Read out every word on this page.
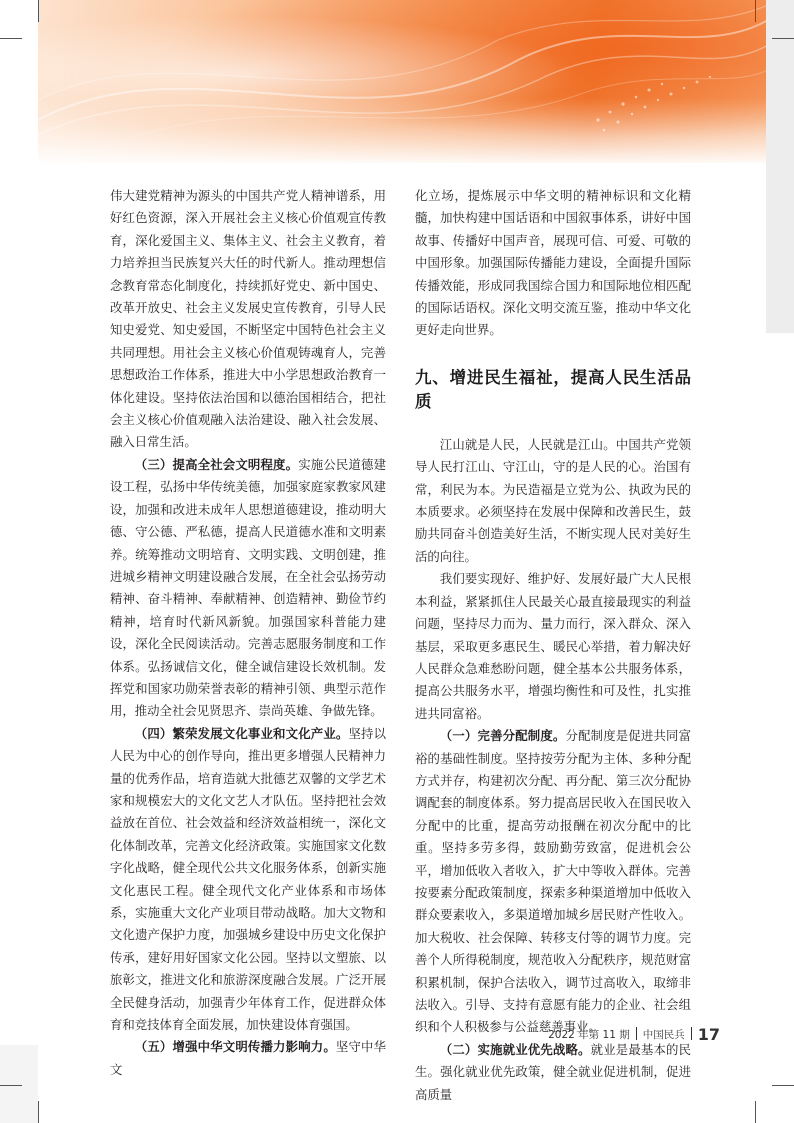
伟大建党精神为源头的中国共产党人精神谱系，用好红色资源，深入开展社会主义核心价值观宣传教育，深化爱国主义、集体主义、社会主义教育，着力培养担当民族复兴大任的时代新人。推动理想信念教育常态化制度化，持续抓好党史、新中国史、改革开放史、社会主义发展史宣传教育，引导人民知史爱党、知史爱国，不断坚定中国特色社会主义共同理想。用社会主义核心价值观铸魂育人，完善思想政治工作体系，推进大中小学思想政治教育一体化建设。坚持依法治国和以德治国相结合，把社会主义核心价值观融入法治建设、融入社会发展、融入日常生活。

（三）提高全社会文明程度。实施公民道德建设工程，弘扬中华传统美德，加强家庭家教家风建设，加强和改进未成年人思想道德建设，推动明大德、守公德、严私德，提高人民道德水准和文明素养。统筹推动文明培育、文明实践、文明创建，推进城乡精神文明建设融合发展，在全社会弘扬劳动精神、奋斗精神、奉献精神、创造精神、勤俭节约精神，培育时代新风新貌。加强国家科普能力建设，深化全民阅读活动。完善志愿服务制度和工作体系。弘扬诚信文化，健全诚信建设长效机制。发挥党和国家功勋荣誉表彰的精神引领、典型示范作用，推动全社会见贤思齐、崇尚英雄、争做先锋。

（四）繁荣发展文化事业和文化产业。坚持以人民为中心的创作导向，推出更多增强人民精神力量的优秀作品，培育造就大批德艺双馨的文学艺术家和规模宏大的文化文艺人才队伍。坚持把社会效益放在首位、社会效益和经济效益相统一，深化文化体制改革，完善文化经济政策。实施国家文化数字化战略，健全现代公共文化服务体系，创新实施文化惠民工程。健全现代文化产业体系和市场体系，实施重大文化产业项目带动战略。加大文物和文化遗产保护力度，加强城乡建设中历史文化保护传承，建好用好国家文化公园。坚持以文塑旅、以旅彰文，推进文化和旅游深度融合发展。广泛开展全民健身活动，加强青少年体育工作，促进群众体育和竞技体育全面发展，加快建设体育强国。

（五）增强中华文明传播力影响力。坚守中华文

化立场，提炼展示中华文明的精神标识和文化精髓，加快构建中国话语和中国叙事体系，讲好中国故事、传播好中国声音，展现可信、可爱、可敬的中国形象。加强国际传播能力建设，全面提升国际传播效能，形成同我国综合国力和国际地位相匹配的国际话语权。深化文明交流互鉴，推动中华文化更好走向世界。

九、增进民生福祉，提高人民生活品质

江山就是人民，人民就是江山。中国共产党领导人民打江山、守江山，守的是人民的心。治国有常，利民为本。为民造福是立党为公、执政为民的本质要求。必须坚持在发展中保障和改善民生，鼓励共同奋斗创造美好生活，不断实现人民对美好生活的向往。

我们要实现好、维护好、发展好最广大人民根本利益，紧紧抓住人民最关心最直接最现实的利益问题，坚持尽力而为、量力而行，深入群众、深入基层，采取更多惠民生、暖民心举措，着力解决好人民群众急难愁盼问题，健全基本公共服务体系，提高公共服务水平，增强均衡性和可及性，扎实推进共同富裕。

（一）完善分配制度。分配制度是促进共同富裕的基础性制度。坚持按劳分配为主体、多种分配方式并存，构建初次分配、再分配、第三次分配协调配套的制度体系。努力提高居民收入在国民收入分配中的比重，提高劳动报酬在初次分配中的比重。坚持多劳多得，鼓励勤劳致富，促进机会公平，增加低收入者收入，扩大中等收入群体。完善按要素分配政策制度，探索多种渠道增加中低收入群众要素收入，多渠道增加城乡居民财产性收入。加大税收、社会保障、转移支付等的调节力度。完善个人所得税制度，规范收入分配秩序，规范财富积累机制，保护合法收入，调节过高收入，取缔非法收入。引导、支持有意愿有能力的企业、社会组织和个人积极参与公益慈善事业。

（二）实施就业优先战略。就业是最基本的民生。强化就业优先政策，健全就业促进机制，促进高质量

2022 年第 11 期 中国民兵 17
